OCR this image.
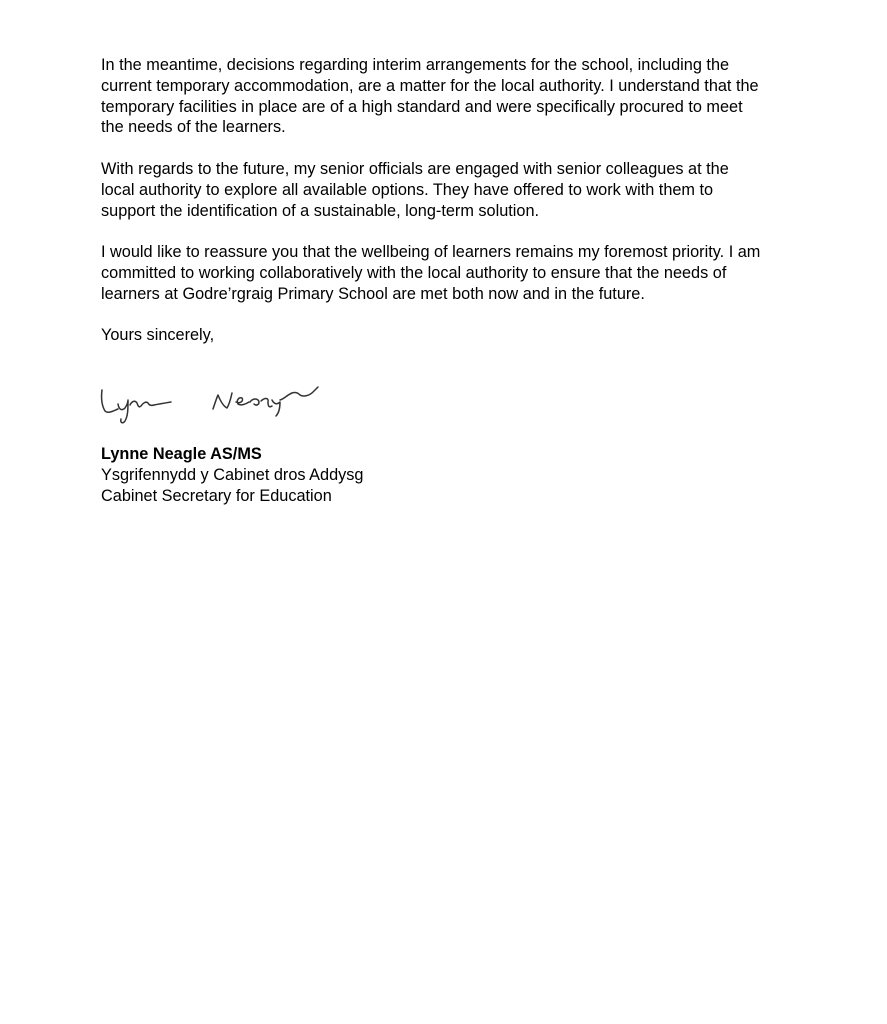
In the meantime, decisions regarding interim arrangements for the school, including the
current temporary accommodation, are a matter for the local authority. I understand that the
temporary facilities in place are of a high standard and were specifically procured to meet
the needs of the learners.

With regards to the future, my senior officials are engaged with senior colleagues at the
local authority to explore all available options. They have offered to work with them to
support the identification of a sustainable, long-term solution.

I would like to reassure you that the wellbeing of learners remains my foremost priority. I am
committed to working collaboratively with the local authority to ensure that the needs of
learners at Godre’rgraig Primary School are met both now and in the future.

Yours sincerely,

Lynne Neagle AS/MS
Ysgrifennydd y Cabinet dros Addysg
Cabinet Secretary for Education
